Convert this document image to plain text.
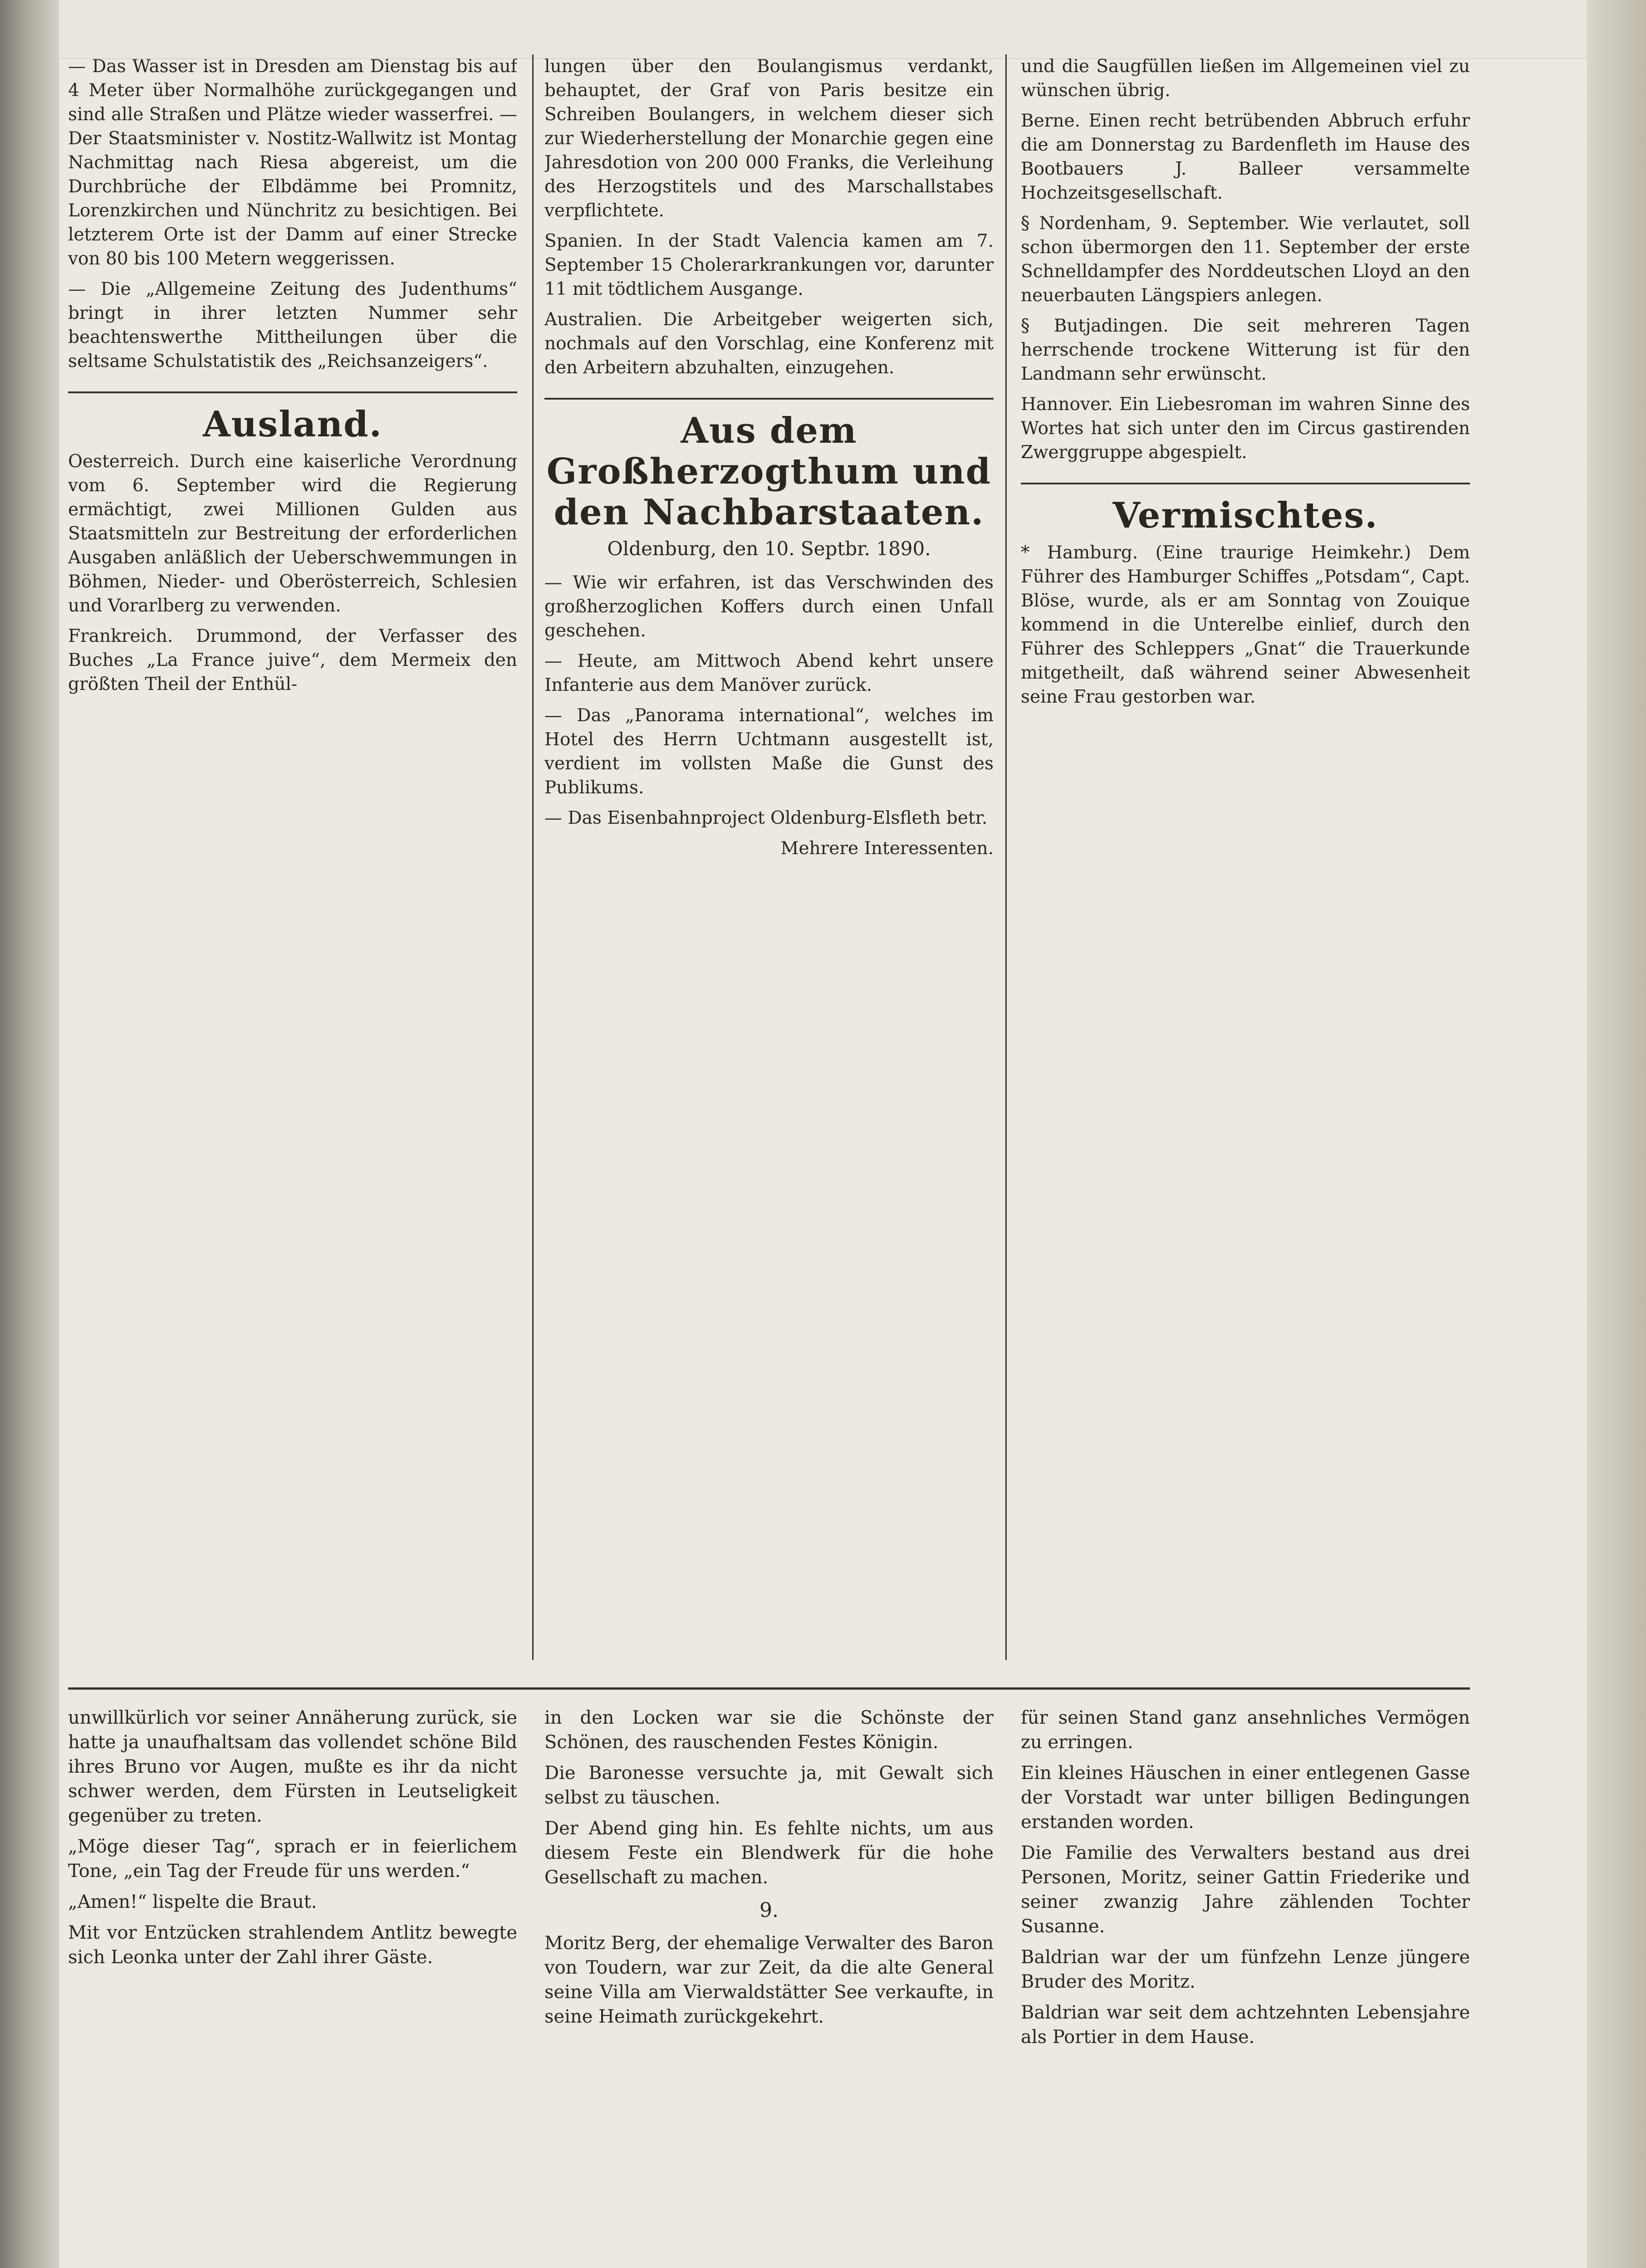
— Das Wasser ist in Dresden am Dienstag bis auf 4 Meter über Normalhöhe zurückgegangen und sind alle Straßen und Plätze wieder wasserfrei. — Der Staatsminister v. Nostitz-Wallwitz ist Montag Nachmittag nach Riesa abgereist, um die Durchbrüche der Elbdämme bei Promnitz, Lorenzkirchen und Nünchritz zu besichtigen. Bei letzterem Orte ist der Damm auf einer Strecke von 80 bis 100 Metern weggerissen.

— Die „Allgemeine Zeitung des Judenthums“ bringt in ihrer letzten Nummer sehr beachtenswerthe Mittheilungen über die seltsame Schulstatistik des „Reichsanzeigers“.

Ausland.

Oesterreich. Durch eine kaiserliche Verordnung vom 6. September wird die Regierung ermächtigt, zwei Millionen Gulden aus Staatsmitteln zur Bestreitung der erforderlichen Ausgaben anläßlich der Ueberschwemmungen in Böhmen, Nieder- und Oberösterreich, Schlesien und Vorarlberg zu verwenden.

Frankreich. Drummond, der Verfasser des Buches „La France juive“, dem Mermeix den größten Theil der Enthül-

lungen über den Boulangismus verdankt, behauptet, der Graf von Paris besitze ein Schreiben Boulangers, in welchem dieser sich zur Wiederherstellung der Monarchie gegen eine Jahresdotion von 200 000 Franks, die Verleihung des Herzogstitels und des Marschallstabes verpflichtete.

Spanien. In der Stadt Valencia kamen am 7. September 15 Cholerarkrankungen vor, darunter 11 mit tödtlichem Ausgange.

Australien. Die Arbeitgeber weigerten sich, nochmals auf den Vorschlag, eine Konferenz mit den Arbeitern abzuhalten, einzugehen.

Aus dem Großherzogthum und den Nachbarstaaten.
Oldenburg, den 10. Septbr. 1890.

— Wie wir erfahren, ist das Verschwinden des großherzoglichen Koffers durch einen Unfall geschehen.

— Heute, am Mittwoch Abend kehrt unsere Infanterie aus dem Manöver zurück.

— Das „Panorama international“, welches im Hotel des Herrn Uchtmann ausgestellt ist, verdient im vollsten Maße die Gunst des Publikums.

— Das Eisenbahnproject Oldenburg-Elsfleth betr.

Mehrere Interessenten.

und die Saugfüllen ließen im Allgemeinen viel zu wünschen übrig.

Berne. Einen recht betrübenden Abbruch erfuhr die am Donnerstag zu Bardenfleth im Hause des Bootbauers J. Balleer versammelte Hochzeitsgesellschaft.

§ Nordenham, 9. September. Wie verlautet, soll schon übermorgen den 11. September der erste Schnelldampfer des Norddeutschen Lloyd an den neuerbauten Längspiers anlegen.

§ Butjadingen. Die seit mehreren Tagen herrschende trockene Witterung ist für den Landmann sehr erwünscht.

Hannover. Ein Liebesroman im wahren Sinne des Wortes hat sich unter den im Circus gastirenden Zwerggruppe abgespielt.

Vermischtes.

* Hamburg. (Eine traurige Heimkehr.) Dem Führer des Hamburger Schiffes „Potsdam“, Capt. Blöse, wurde, als er am Sonntag von Zouique kommend in die Unterelbe einlief, durch den Führer des Schleppers „Gnat“ die Trauerkunde mitgetheilt, daß während seiner Abwesenheit seine Frau gestorben war.

unwillkürlich vor seiner Annäherung zurück, sie hatte ja unaufhaltsam das vollendet schöne Bild ihres Bruno vor Augen, mußte es ihr da nicht schwer werden, dem Fürsten in Leutseligkeit gegenüber zu treten.

„Möge dieser Tag“, sprach er in feierlichem Tone, „ein Tag der Freude für uns werden.“

„Amen!“ lispelte die Braut.

Mit vor Entzücken strahlendem Antlitz bewegte sich Leonka unter der Zahl ihrer Gäste.

in den Locken war sie die Schönste der Schönen, des rauschenden Festes Königin.

Die Baronesse versuchte ja, mit Gewalt sich selbst zu täuschen.

Der Abend ging hin. Es fehlte nichts, um aus diesem Feste ein Blendwerk für die hohe Gesellschaft zu machen.

9.

Moritz Berg, der ehemalige Verwalter des Baron von Toudern, war zur Zeit, da die alte General seine Villa am Vierwaldstätter See verkaufte, in seine Heimath zurückgekehrt.

für seinen Stand ganz ansehnliches Vermögen zu erringen.

Ein kleines Häuschen in einer entlegenen Gasse der Vorstadt war unter billigen Bedingungen erstanden worden.

Die Familie des Verwalters bestand aus drei Personen, Moritz, seiner Gattin Friederike und seiner zwanzig Jahre zählenden Tochter Susanne.

Baldrian war der um fünfzehn Lenze jüngere Bruder des Moritz.

Baldrian war seit dem achtzehnten Lebensjahre als Portier in dem Hause.
